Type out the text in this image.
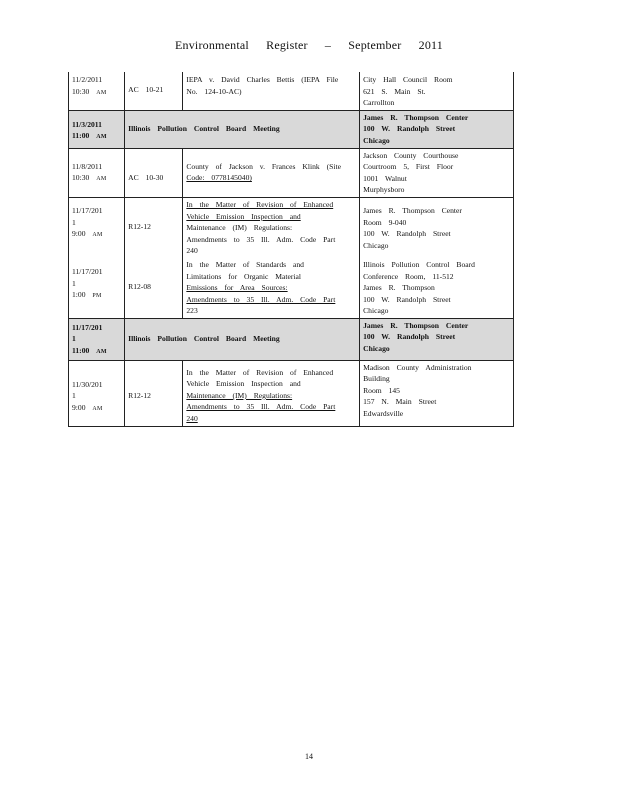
Environmental Register – September 2011
11/2/2011
10:30 AM	AC 10-21	IEPA v. David Charles Bettis (IEPA File
No. 124-10-AC)	City Hall Council Room
621 S. Main St.
Carrollton

11/3/2011
11:00 AM	Illinois Pollution Control Board Meeting		James R. Thompson Center
100 W. Randolph Street
Chicago

11/8/2011
10:30 AM	AC 10-30	County of Jackson v. Frances Klink (Site
Code: 0778145040)	Jackson County Courthouse
Courtroom 5, First Floor
1001 Walnut
Murphysboro

11/17/201
1
9:00 AM	R12-12	In the Matter of Revision of Enhanced
Vehicle Emission Inspection and
Maintenance (IM) Regulations:
Amendments to 35 Ill. Adm. Code Part
240	James R. Thompson Center
Room 9-040
100 W. Randolph Street
Chicago

11/17/201
1
1:00 PM	R12-08	In the Matter of Standards and
Limitations for Organic Material
Emissions for Area Sources:
Amendments to 35 Ill. Adm. Code Part
223	Illinois Pollution Control Board
Conference Room, 11-512
James R. Thompson
100 W. Randolph Street
Chicago

11/17/201
1
11:00 AM	Illinois Pollution Control Board Meeting		James R. Thompson Center
100 W. Randolph Street
Chicago

11/30/201
1
9:00 AM	R12-12	In the Matter of Revision of Enhanced
Vehicle Emission Inspection and
Maintenance (IM) Regulations:
Amendments to 35 Ill. Adm. Code Part
240	Madison County Administration
Building
Room 145
157 N. Main Street
Edwardsville
14
